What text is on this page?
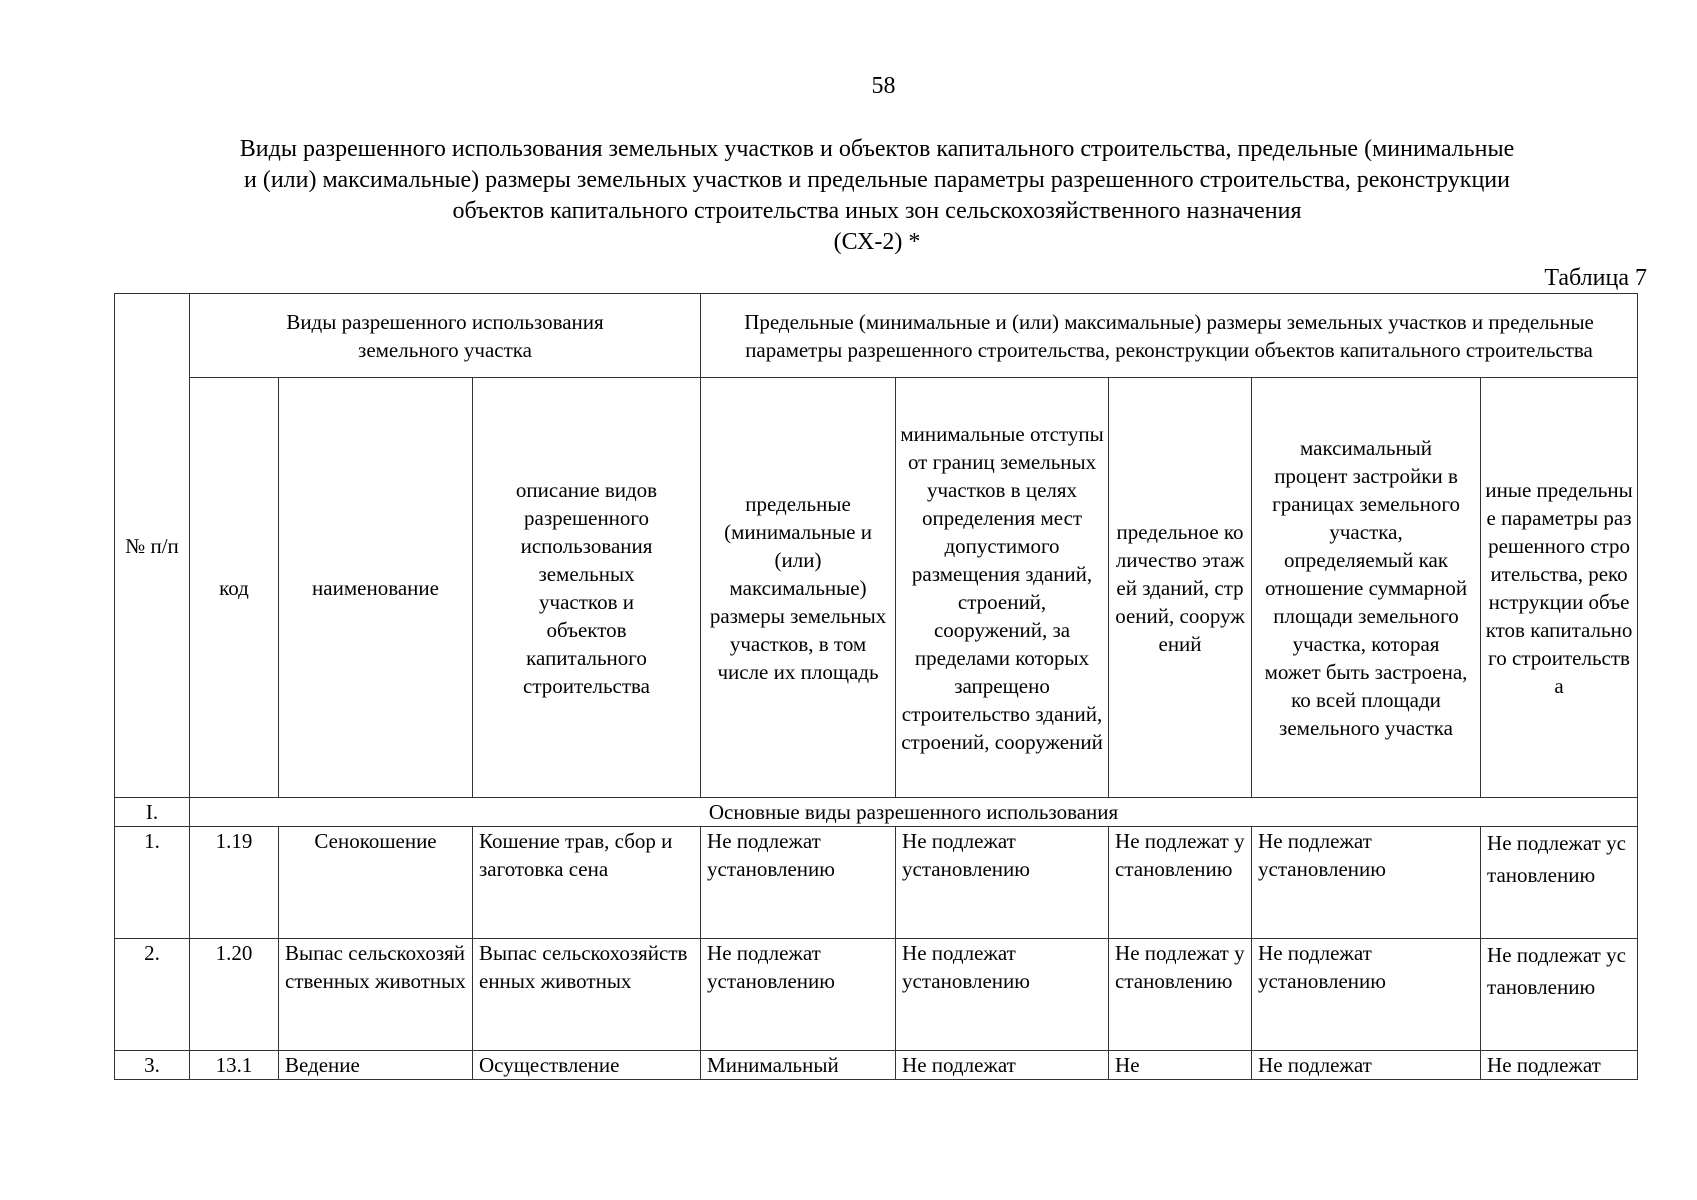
58
Виды разрешенного использования земельных участков и объектов капитального строительства, предельные (минимальные
и (или) максимальные) размеры земельных участков и предельные параметры разрешенного строительства, реконструкции
объектов капитального строительства иных зон сельскохозяйственного назначения
(СХ-2) *
Таблица 7
№ п/п	Виды разрешенного использования земельного участка			Предельные (минимальные и (или) максимальные) размеры земельных участков и предельные параметры разрешенного строительства, реконструкции объектов капитального строительства				
	код	наименование	описание видов разрешенного использования земельных участков и объектов капитального строительства	предельные (минимальные и (или) максимальные) размеры земельных участков, в том числе их площадь	минимальные отступы от границ земельных участков в целях определения мест допустимого размещения зданий, строений, сооружений, за пределами которых запрещено строительство зданий, строений, сооружений	предельное количество этажей зданий, строений, сооружений	максимальный процент застройки в границах земельного участка, определяемый как отношение суммарной площади земельного участка, которая может быть застроена, ко всей площади земельного участка	иные предельные параметры разрешенного строительства, реконструкции объектов капитального строительства
I.	Основные виды разрешенного использования							
1.	1.19	Сенокошение	Кошение трав, сбор и заготовка сена	Не подлежат установлению	Не подлежат установлению	Не подлежат установлению	Не подлежат установлению	Не подлежат установлению
2.	1.20	Выпас сельскохозяйственных животных	Выпас сельскохозяйственных животных	Не подлежат установлению	Не подлежат установлению	Не подлежат установлению	Не подлежат установлению	Не подлежат установлению
3.	13.1	Ведение	Осуществление	Минимальный	Не подлежат	Не	Не подлежат	Не подлежат
